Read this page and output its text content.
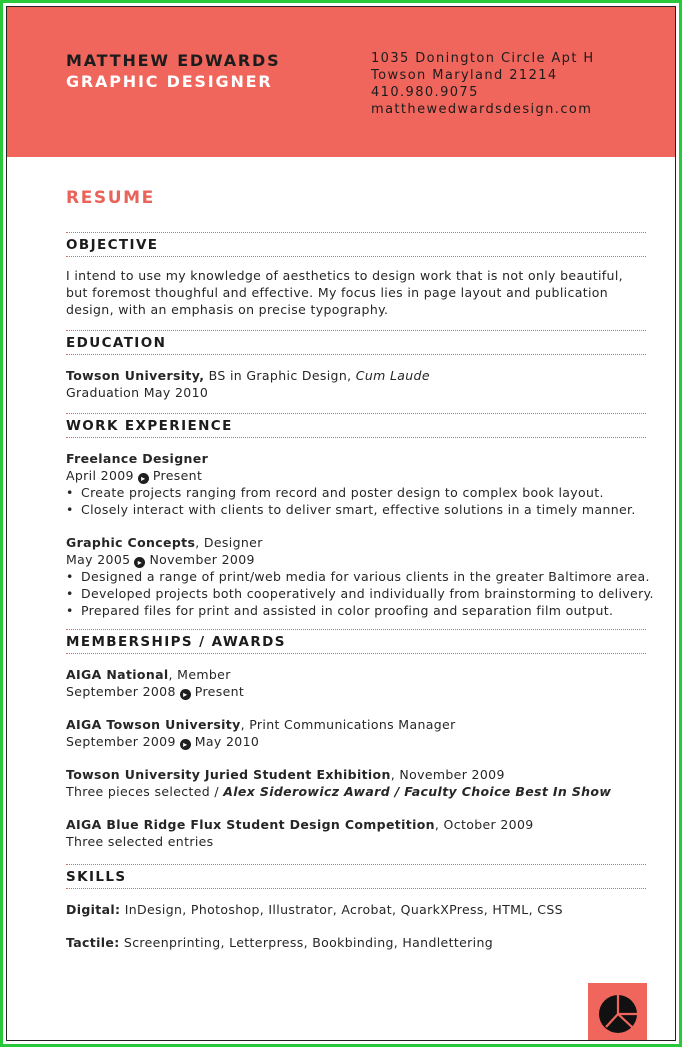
MATTHEW EDWARDS
GRAPHIC DESIGNER
1035 Donington Circle Apt H
Towson Maryland 21214
410.980.9075
matthewedwardsdesign.com
RESUME
OBJECTIVE
I intend to use my knowledge of aesthetics to design work that is not only beautiful,
but foremost thoughful and effective. My focus lies in page layout and publication
design, with an emphasis on precise typography.
EDUCATION
Towson University, BS in Graphic Design, Cum Laude
Graduation May 2010
WORK EXPERIENCE
Freelance Designer
April 2009 ▸ Present
• Create projects ranging from record and poster design to complex book layout.
• Closely interact with clients to deliver smart, effective solutions in a timely manner.
Graphic Concepts, Designer
May 2005 ▸ November 2009
• Designed a range of print/web media for various clients in the greater Baltimore area.
• Developed projects both cooperatively and individually from brainstorming to delivery.
• Prepared files for print and assisted in color proofing and separation film output.
MEMBERSHIPS / AWARDS
AIGA National, Member
September 2008 ▸ Present
AIGA Towson University, Print Communications Manager
September 2009 ▸ May 2010
Towson University Juried Student Exhibition, November 2009
Three pieces selected / Alex Siderowicz Award / Faculty Choice Best In Show
AIGA Blue Ridge Flux Student Design Competition, October 2009
Three selected entries
SKILLS
Digital: InDesign, Photoshop, Illustrator, Acrobat, QuarkXPress, HTML, CSS
Tactile: Screenprinting, Letterpress, Bookbinding, Handlettering
